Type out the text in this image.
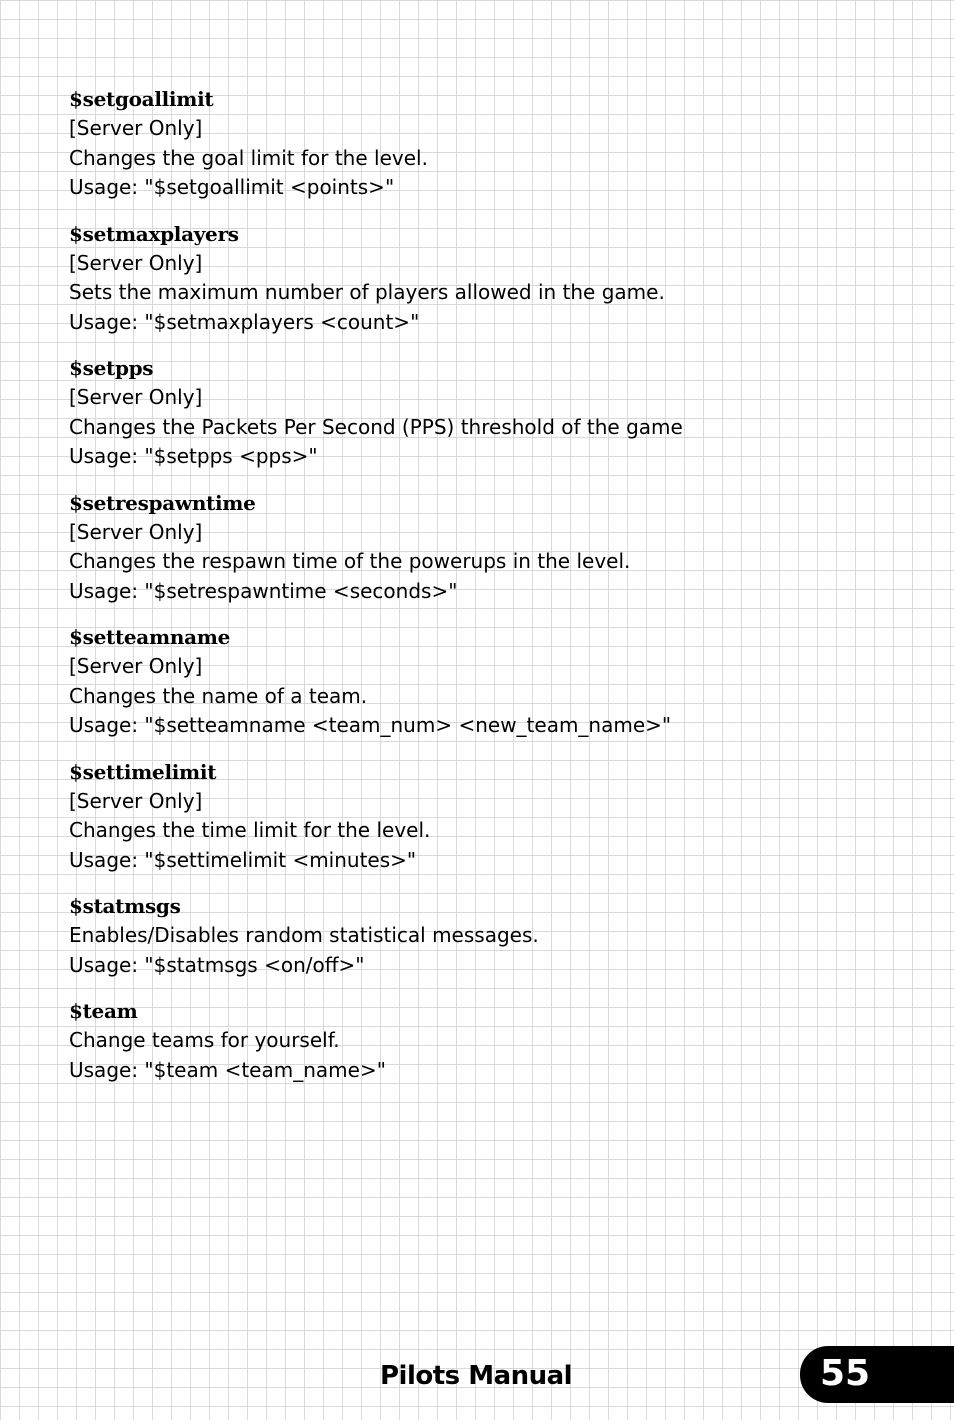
$setgoallimit
[Server Only]
Changes the goal limit for the level.
Usage: "$setgoallimit <points>"
$setmaxplayers
[Server Only]
Sets the maximum number of players allowed in the game.
Usage: "$setmaxplayers <count>"
$setpps
[Server Only]
Changes the Packets Per Second (PPS) threshold of the game
Usage: "$setpps <pps>"
$setrespawntime
[Server Only]
Changes the respawn time of the powerups in the level.
Usage: "$setrespawntime <seconds>"
$setteamname
[Server Only]
Changes the name of a team.
Usage: "$setteamname <team_num> <new_team_name>"
$settimelimit
[Server Only]
Changes the time limit for the level.
Usage: "$settimelimit <minutes>"
$statmsgs
Enables/Disables random statistical messages.
Usage: "$statmsgs <on/off>"
$team
Change teams for yourself.
Usage: "$team <team_name>"
Pilots Manual	55
